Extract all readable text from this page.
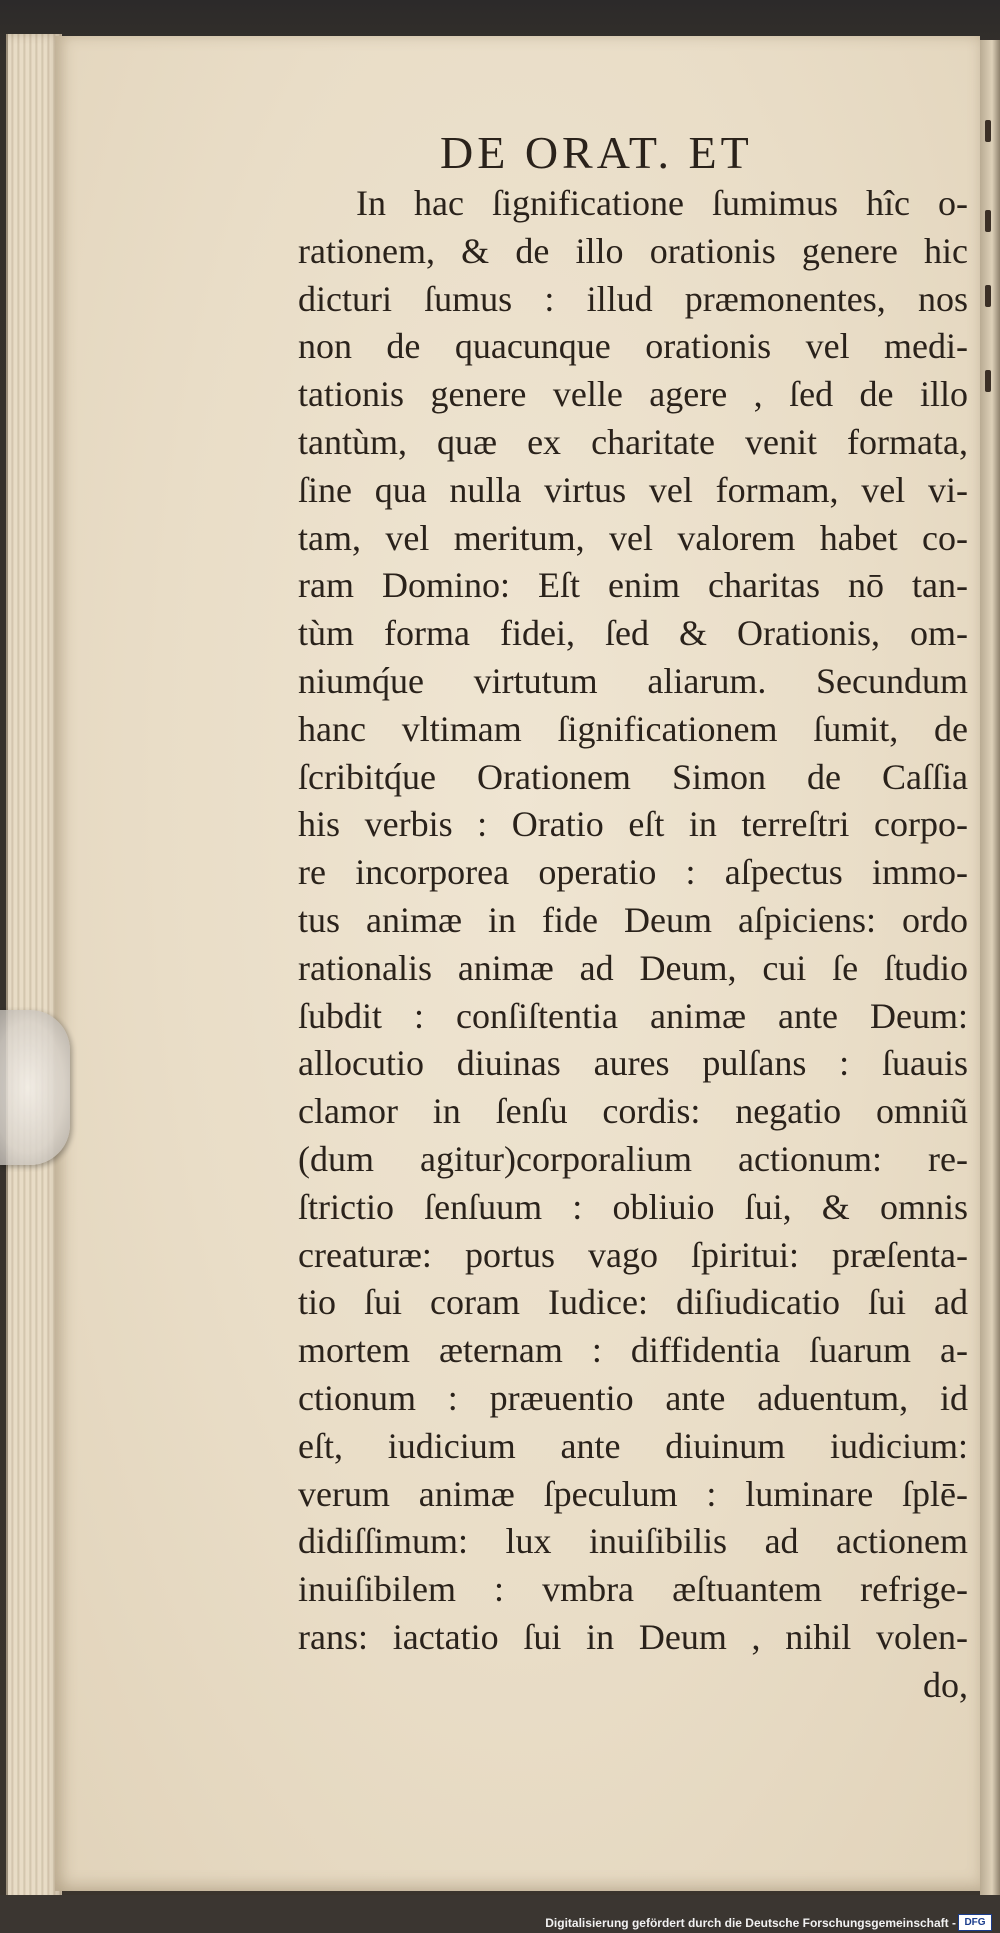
DE ORAT. ET
In hac ſignificatione ſumimus hîc o-
rationem, & de illo orationis genere hic
dicturi ſumus : illud præmonentes, nos
non de quacunque orationis vel medi-
tationis genere velle agere , ſed de illo
tantùm, quæ ex charitate venit formata,
ſine qua nulla virtus vel formam, vel vi-
tam, vel meritum, vel valorem habet co-
ram Domino: Eſt enim charitas nō tan-
tùm forma fidei, ſed & Orationis, om-
niumq́ue virtutum aliarum. Secundum
hanc vltimam ſignificationem ſumit, de
ſcribitq́ue Orationem Simon de Caſſia
his verbis : Oratio eſt in terreſtri corpo-
re incorporea operatio : aſpectus immo-
tus animæ in fide Deum aſpiciens: ordo
rationalis animæ ad Deum, cui ſe ſtudio
ſubdit : conſiſtentia animæ ante Deum:
allocutio diuinas aures pulſans : ſuauis
clamor in ſenſu cordis: negatio omniũ
(dum agitur)corporalium actionum: re-
ſtrictio ſenſuum : obliuio ſui, & omnis
creaturæ: portus vago ſpiritui: præſenta-
tio ſui coram Iudice: diſiudicatio ſui ad
mortem æternam : diffidentia ſuarum a-
ctionum : præuentio ante aduentum, id
eſt, iudicium ante diuinum iudicium:
verum animæ ſpeculum : luminare ſplē-
didiſſimum: lux inuiſibilis ad actionem
inuiſibilem : vmbra æſtuantem refrige-
rans: iactatio ſui in Deum , nihil volen-
do,
Digitalisierung gefördert durch die Deutsche Forschungsgemeinschaft - DFG
